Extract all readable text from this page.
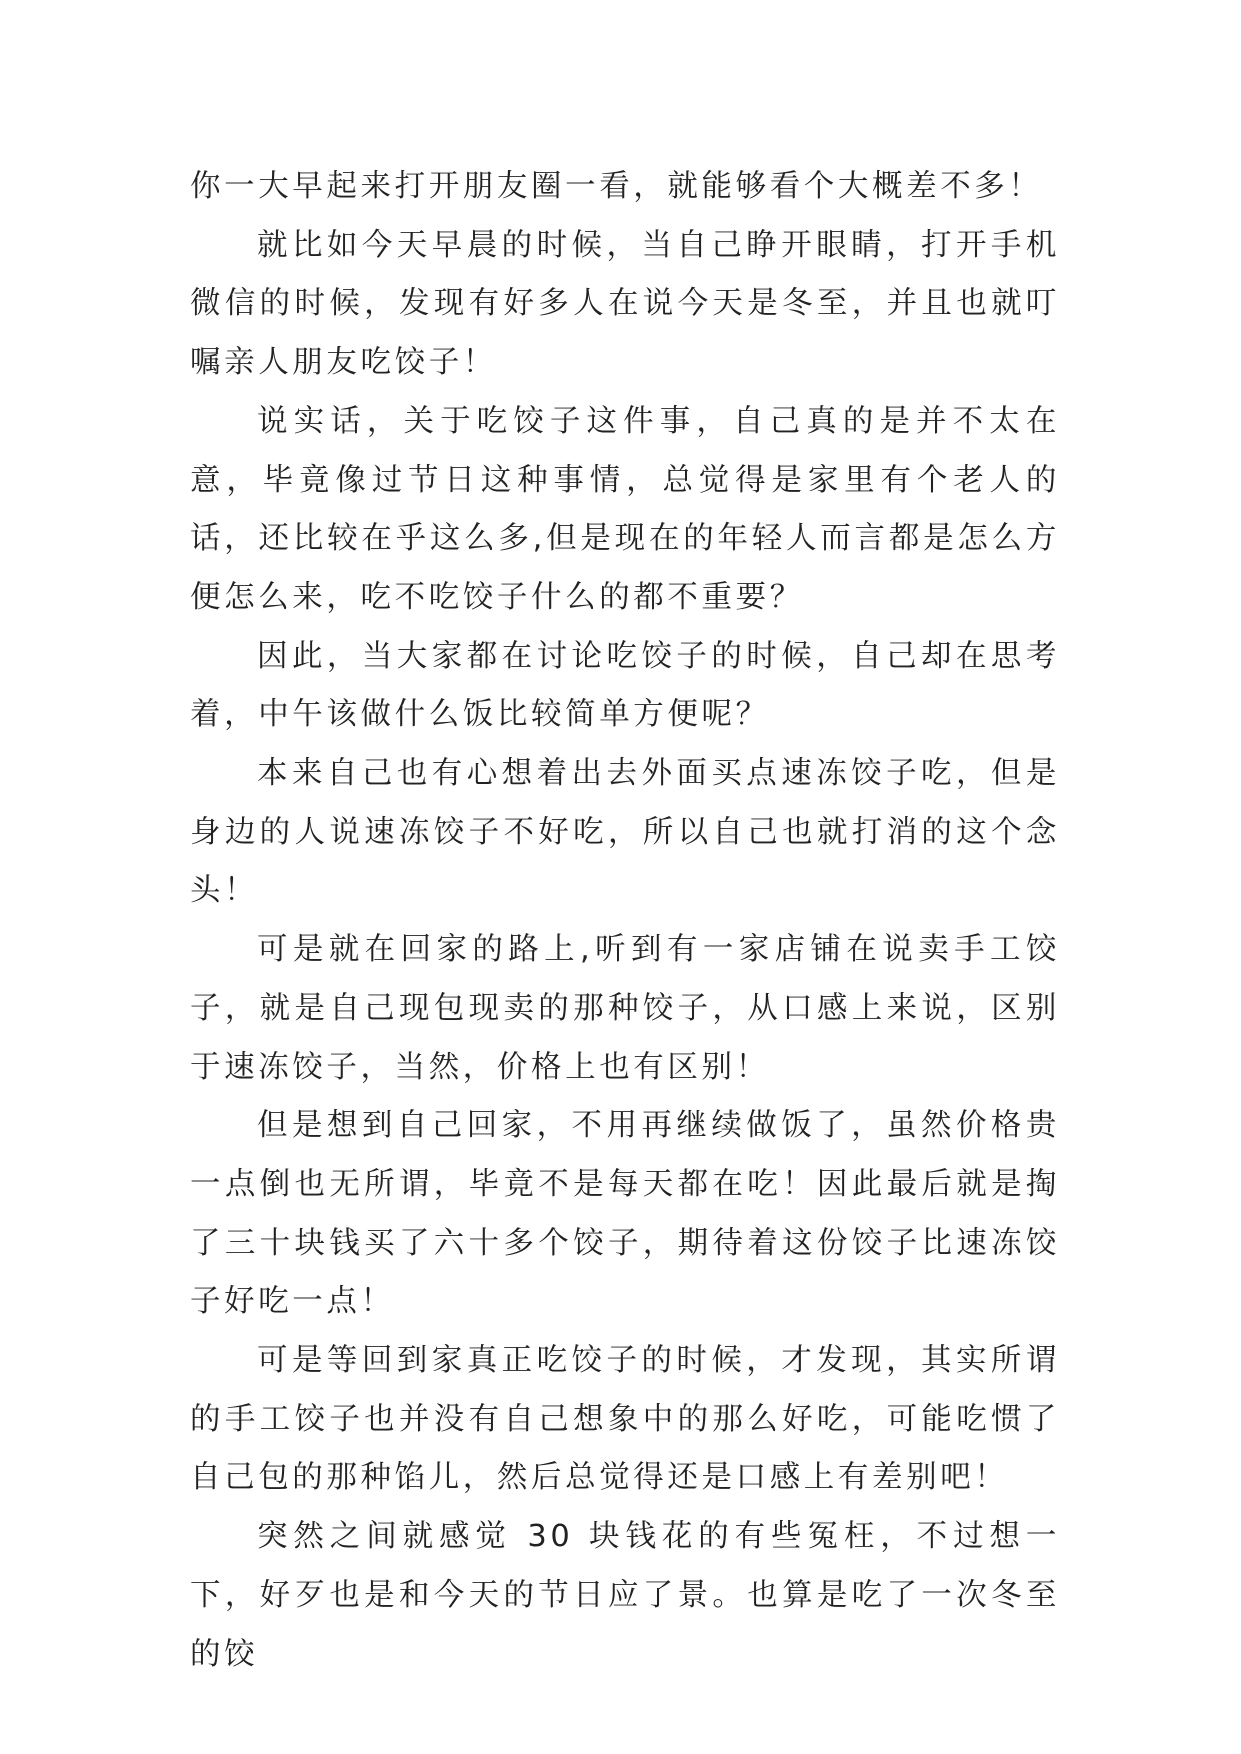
你一大早起来打开朋友圈一看，就能够看个大概差不多！

就比如今天早晨的时候，当自己睁开眼睛，打开手机微信的时候，发现有好多人在说今天是冬至，并且也就叮嘱亲人朋友吃饺子！

说实话，关于吃饺子这件事，自己真的是并不太在意，毕竟像过节日这种事情，总觉得是家里有个老人的话，还比较在乎这么多,但是现在的年轻人而言都是怎么方便怎么来，吃不吃饺子什么的都不重要？

因此，当大家都在讨论吃饺子的时候，自己却在思考着，中午该做什么饭比较简单方便呢？

本来自己也有心想着出去外面买点速冻饺子吃，但是身边的人说速冻饺子不好吃，所以自己也就打消的这个念头！

可是就在回家的路上,听到有一家店铺在说卖手工饺子，就是自己现包现卖的那种饺子，从口感上来说，区别于速冻饺子，当然，价格上也有区别！

但是想到自己回家，不用再继续做饭了，虽然价格贵一点倒也无所谓，毕竟不是每天都在吃！因此最后就是掏了三十块钱买了六十多个饺子，期待着这份饺子比速冻饺子好吃一点！

可是等回到家真正吃饺子的时候，才发现，其实所谓的手工饺子也并没有自己想象中的那么好吃，可能吃惯了自己包的那种馅儿，然后总觉得还是口感上有差别吧！

突然之间就感觉 30 块钱花的有些冤枉，不过想一下，好歹也是和今天的节日应了景。也算是吃了一次冬至的饺
